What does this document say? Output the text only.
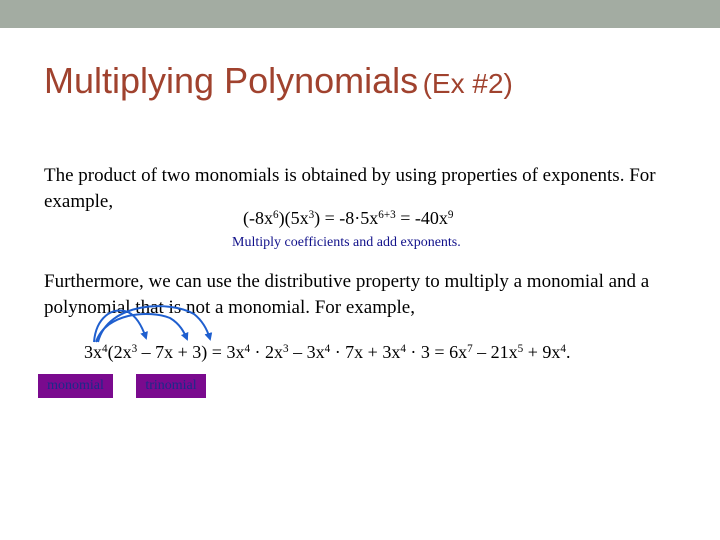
Multiplying Polynomials (Ex #2)
The product of two monomials is obtained by using properties of exponents. For example,
$(-8x^6)(5x^3) = -8\cdot 5x^{6+3} = -40x^9$
Multiply coefficients and add exponents.
Furthermore, we can use the distributive property to multiply a monomial and a polynomial that is not a monomial. For example,
$3x^4(2x^3 - 7x + 3) = 3x^4 \cdot 2x^3 - 3x^4 \cdot 7x + 3x^4 \cdot 3 = 6x^7 - 21x^5 + 9x^4$.
monomial	trinomial
